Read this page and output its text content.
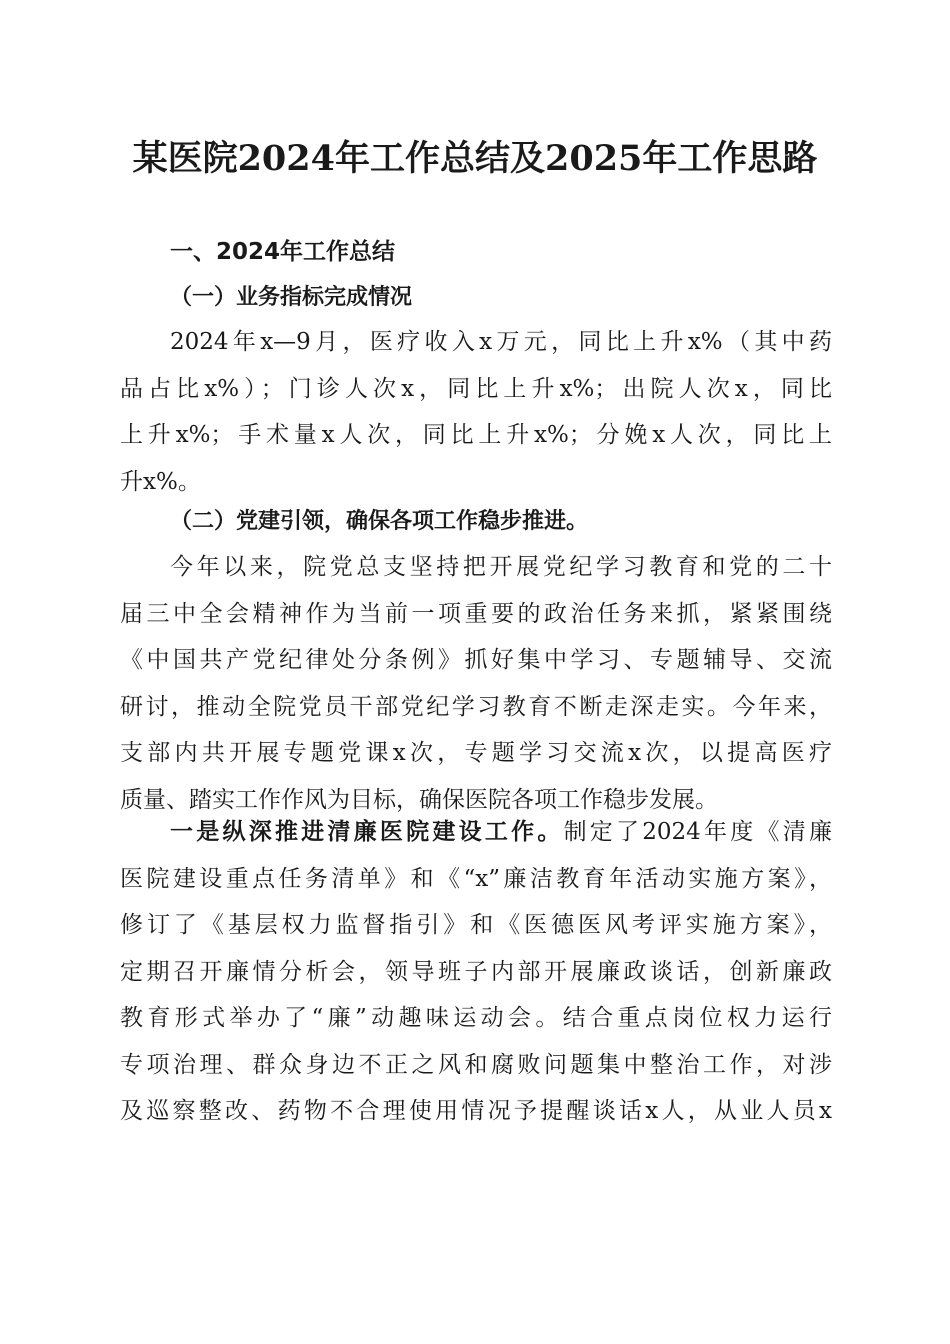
某医院2024年工作总结及2025年工作思路
一、2024年工作总结
（一）业务指标完成情况
2024年x—9月，医疗收入x万元，同比上升x%（其中药
品占比x%）；门诊人次x，同比上升x%；出院人次x，同比
上升x%；手术量x人次，同比上升x%；分娩x人次，同比上
升x%。
（二）党建引领，确保各项工作稳步推进。
今年以来，院党总支坚持把开展党纪学习教育和党的二十
届三中全会精神作为当前一项重要的政治任务来抓，紧紧围绕
《中国共产党纪律处分条例》抓好集中学习、专题辅导、交流
研讨，推动全院党员干部党纪学习教育不断走深走实。今年来，
支部内共开展专题党课x次，专题学习交流x次，以提高医疗
质量、踏实工作作风为目标，确保医院各项工作稳步发展。
一是纵深推进清廉医院建设工作。制定了2024年度《清廉
医院建设重点任务清单》和《“x”廉洁教育年活动实施方案》，
修订了《基层权力监督指引》和《医德医风考评实施方案》，
定期召开廉情分析会，领导班子内部开展廉政谈话，创新廉政
教育形式举办了“廉”动趣味运动会。结合重点岗位权力运行
专项治理、群众身边不正之风和腐败问题集中整治工作，对涉
及巡察整改、药物不合理使用情况予提醒谈话x人，从业人员x
